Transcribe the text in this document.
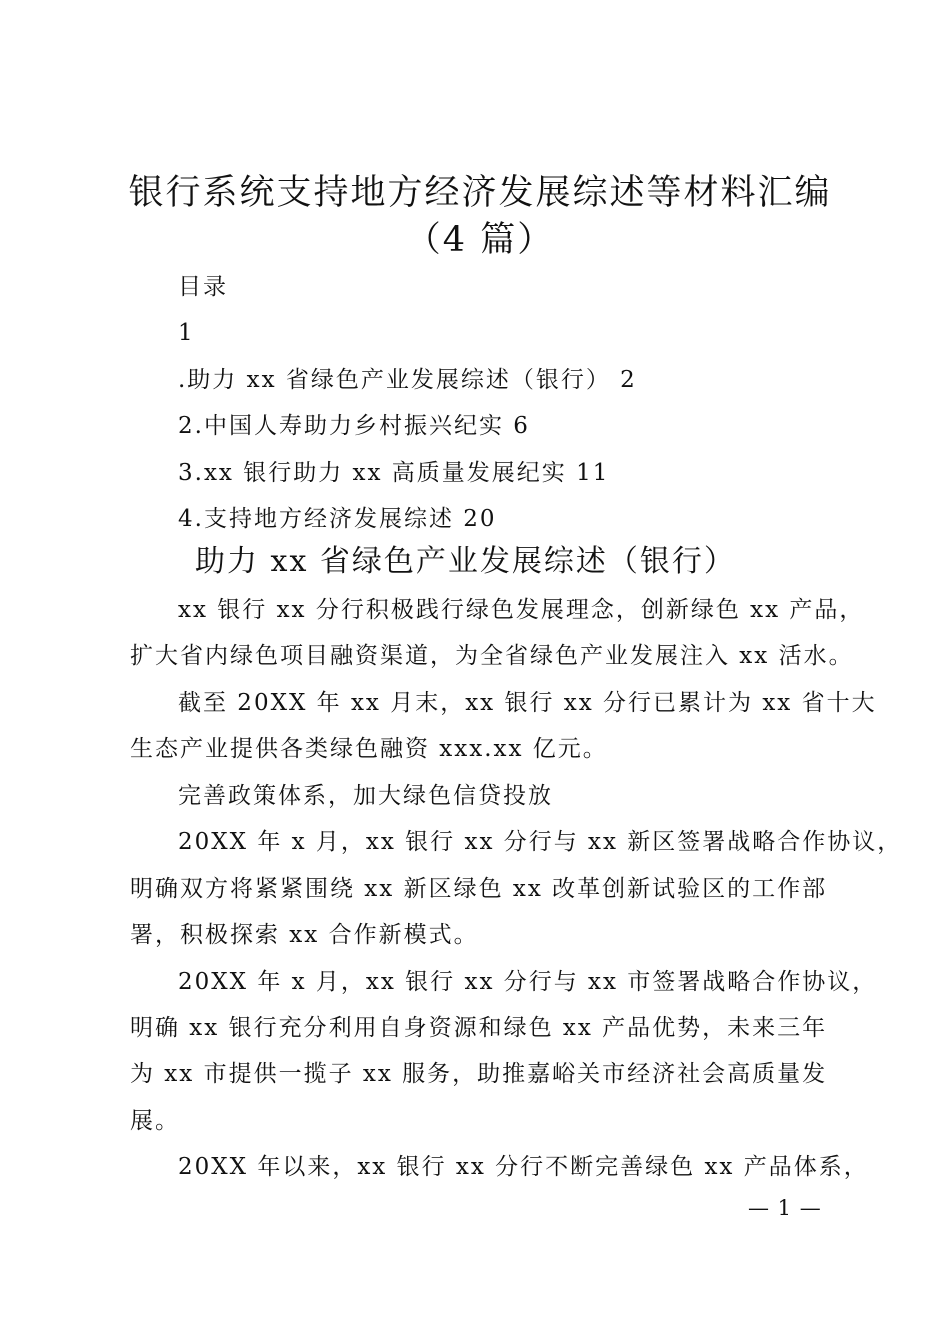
银行系统支持地方经济发展综述等材料汇编
（4 篇）
目录
1
.助力 xx 省绿色产业发展综述（银行） 2
2.中国人寿助力乡村振兴纪实 6
3.xx 银行助力 xx 高质量发展纪实 11
4.支持地方经济发展综述 20
助力 xx 省绿色产业发展综述（银行）
xx 银行 xx 分行积极践行绿色发展理念，创新绿色 xx 产品，
扩大省内绿色项目融资渠道，为全省绿色产业发展注入 xx 活水。
截至 20XX 年 xx 月末，xx 银行 xx 分行已累计为 xx 省十大
生态产业提供各类绿色融资 xxx.xx 亿元。
完善政策体系，加大绿色信贷投放
20XX 年 x 月，xx 银行 xx 分行与 xx 新区签署战略合作协议，
明确双方将紧紧围绕 xx 新区绿色 xx 改革创新试验区的工作部
署，积极探索 xx 合作新模式。
20XX 年 x 月，xx 银行 xx 分行与 xx 市签署战略合作协议，
明确 xx 银行充分利用自身资源和绿色 xx 产品优势，未来三年
为 xx 市提供一揽子 xx 服务，助推嘉峪关市经济社会高质量发
展。
20XX 年以来，xx 银行 xx 分行不断完善绿色 xx 产品体系，
— 1 —
